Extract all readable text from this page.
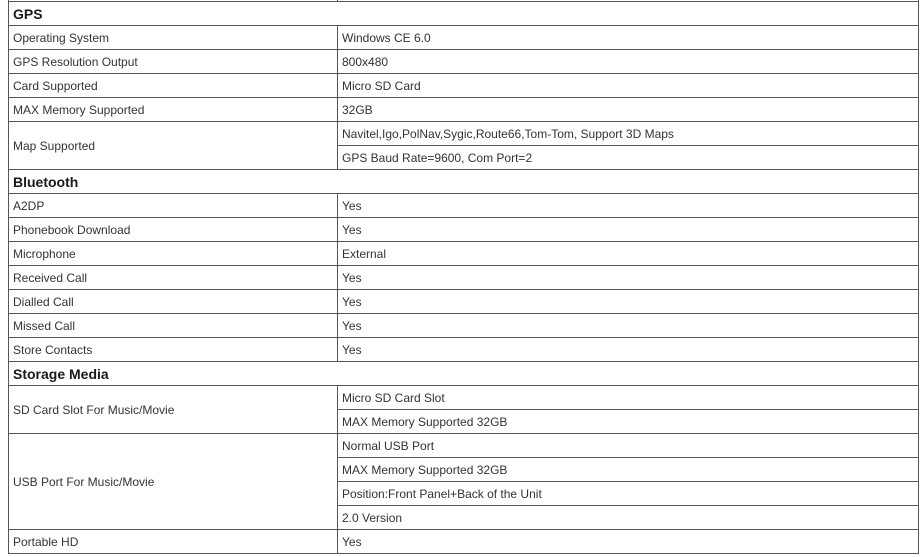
GPS	
Operating System	Windows CE 6.0
GPS Resolution Output	800x480
Card Supported	Micro SD Card
MAX Memory Supported	32GB
Map Supported	Navitel,Igo,PolNav,Sygic,Route66,Tom-Tom, Support 3D Maps
	GPS Baud Rate=9600, Com Port=2
Bluetooth	
A2DP	Yes
Phonebook Download	Yes
Microphone	External
Received Call	Yes
Dialled Call	Yes
Missed Call	Yes
Store Contacts	Yes
Storage Media	
SD Card Slot For Music/Movie	Micro SD Card Slot
	MAX Memory Supported 32GB
USB Port For Music/Movie	Normal USB Port
	MAX Memory Supported 32GB
	Position:Front Panel+Back of the Unit
	2.0 Version
Portable HD	Yes
